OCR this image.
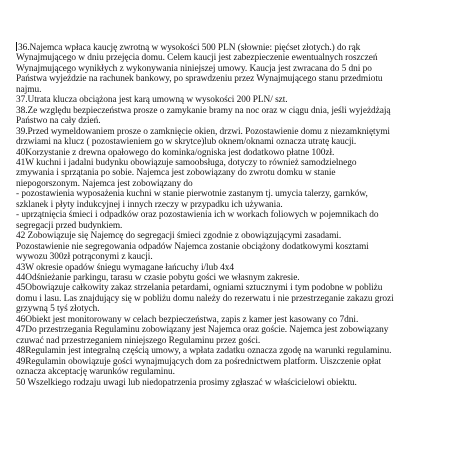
36.Najemca wpłaca kaucję zwrotną w wysokości 500 PLN (słownie: pięćset złotych.) do rąk
Wynajmującego w dniu przejęcia domu. Celem kaucji jest zabezpieczenie ewentualnych roszczeń
Wynajmującego wynikłych z wykonywania niniejszej umowy. Kaucja jest zwracana do 5 dni po
Państwa wyjeździe na rachunek bankowy, po sprawdzeniu przez Wynajmującego stanu przedmiotu
najmu.
37.Utrata klucza obciążona jest karą umowną w wysokości 200 PLN/ szt.
38.Ze względu bezpieczeństwa prosze o zamykanie bramy na noc oraz w ciągu dnia, jeśli wyjeżdżają
Państwo na cały dzień.
39.Przed wymeldowaniem prosze o zamknięcie okien, drzwi. Pozostawienie domu z niezamkniętymi
drzwiami na klucz ( pozostawieniem go w skrytce)lub oknem/oknami oznacza utratę kaucji.
40Korzystanie z drewna opałowego do kominka/ogniska jest dodatkowo płatne 100zł.
41W kuchni i jadalni budynku obowiązuje samoobsługa, dotyczy to również samodzielnego
zmywania i sprzątania po sobie. Najemca jest zobowiązany do zwrotu domku w stanie
niepogorszonym. Najemca jest zobowiązany do
- pozostawienia wyposażenia kuchni w stanie pierwotnie zastanym tj. umycia talerzy, garnków,
szklanek i płyty indukcyjnej i innych rzeczy w przypadku ich używania.
- uprzątnięcia śmieci i odpadków oraz pozostawienia ich w workach foliowych w pojemnikach do
segregacji przed budynkiem.
42 Zobowiązuje się Najemcę do segregacji śmieci zgodnie z obowiązującymi zasadami.
Pozostawienie nie segregowania odpadów Najemca zostanie obciążony dodatkowymi kosztami
wywozu 300zł potrąconymi z kaucji.
43W okresie opadów śniegu wymagane łańcuchy i/lub 4x4
44Odśnieżanie parkingu, tarasu w czasie pobytu gości we własnym zakresie.
45Obowiązuje całkowity zakaz strzelania petardami, ogniami sztucznymi i tym podobne w pobliżu
domu i lasu. Las znajdujący się w pobliżu domu należy do rezerwatu i nie przestrzeganie zakazu grozi
grzywną 5 tyś złotych.
46Obiekt jest monitorowany w celach bezpieczeństwa, zapis z kamer jest kasowany co 7dni.
47Do przestrzegania Regulaminu zobowiązany jest Najemca oraz goście. Najemca jest zobowiązany
czuwać nad przestrzeganiem niniejszego Regulaminu przez gości.
48Regulamin jest integralną częścią umowy, a wpłata zadatku oznacza zgodę na warunki regulaminu.
49Regulamin obowiązuje gości wynajmujących dom za pośrednictwem platform. Uiszczenie opłat
oznacza akceptację warunków regulaminu.
50 Wszelkiego rodzaju uwagi lub niedopatrzenia prosimy zgłaszać w właścicielowi obiektu.
